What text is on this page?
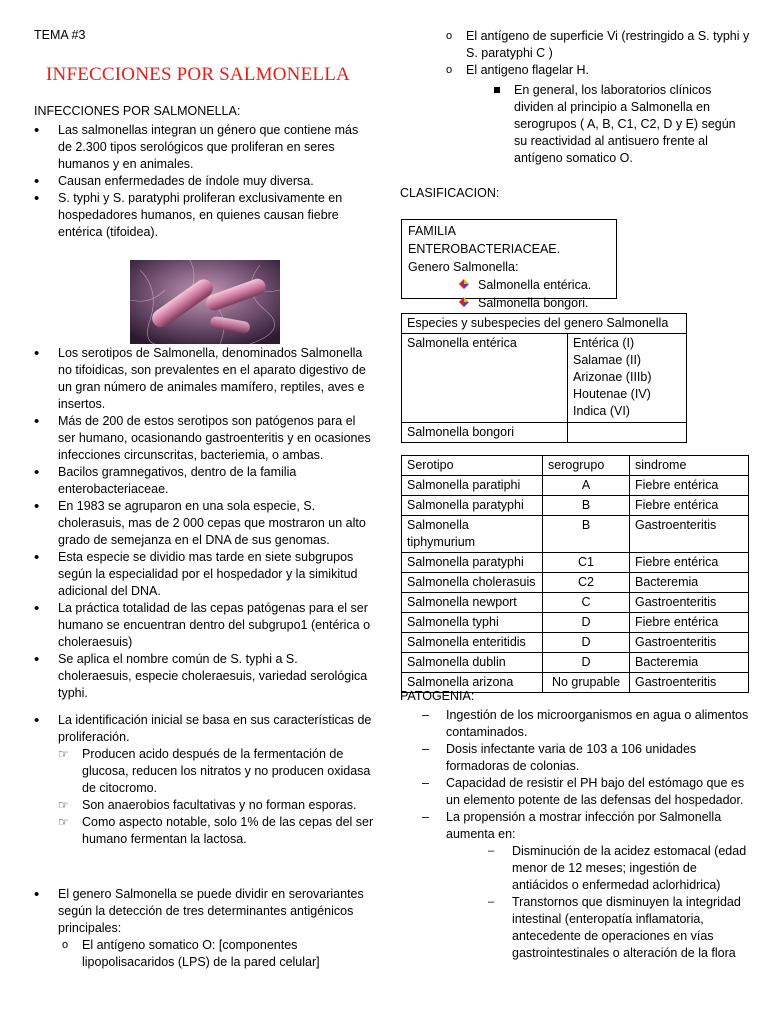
TEMA #3
INFECCIONES POR SALMONELLA
INFECCIONES POR SALMONELLA:
• Las salmonellas integran un género que contiene más de 2.300 tipos serológicos que proliferan en seres humanos y en animales.
• Causan enfermedades de índole muy diversa.
• S. typhi y S. paratyphi proliferan exclusivamente en hospedadores humanos, en quienes causan fiebre entérica (tifoidea).
• Los serotipos de Salmonella, denominados Salmonella no tifoidicas, son prevalentes en el aparato digestivo de un gran número de animales mamífero, reptiles, aves e insertos.
• Más de 200 de estos serotipos son patógenos para el ser humano, ocasionando gastroenteritis y en ocasiones infecciones circunscritas, bacteriemia, o ambas.
• Bacilos gramnegativos, dentro de la familia enterobacteriaceae.
• En 1983 se agruparon en una sola especie, S. cholerasuis, mas de 2 000 cepas que mostraron un alto grado de semejanza en el DNA de sus genomas.
• Esta especie se dividio mas tarde en siete subgrupos según la especialidad por el hospedador y la simikitud adicional del DNA.
• La práctica totalidad de las cepas patógenas para el ser humano se encuentran dentro del subgrupo1 (entérica o choleraesuis)
• Se aplica el nombre común de S. typhi a S. choleraesuis, especie choleraesuis, variedad serológica typhi.
• La identificación inicial se basa en sus características de proliferación.
☞ Producen acido después de la fermentación de glucosa, reducen los nitratos y no producen oxidasa de citocromo.
☞ Son anaerobios facultativas y no forman esporas.
☞ Como aspecto notable, solo 1% de las cepas del ser humano fermentan la lactosa.
• El genero Salmonella se puede dividir en serovariantes según la detección de tres determinantes antigénicos principales:
o El antígeno somatico O: [componentes lipopolisacaridos (LPS) de la pared celular]
o El antígeno de superficie Vi (restringido a S. typhi y S. paratyphi C )
o El antigeno flagelar H.
En general, los laboratorios clínicos dividen al principio a Salmonella en serogrupos ( A, B, C1, C2, D y E) según su reactividad al antisuero frente al antígeno somatico O.
CLASIFICACION:
FAMILIA ENTEROBACTERIACEAE.
Genero Salmonella:
Salmonella entérica.
Salmonella bongori.
Especies y subespecies del genero Salmonella	
Salmonella entérica	Entérica (I)
Salamae (II)
Arizonae (IIIb)
Houtenae (IV)
Indica (VI)

Salmonella bongori	
Serotipo	serogrupo	sindrome
Salmonella paratiphi	A	Fiebre entérica
Salmonella paratyphi	B	Fiebre entérica
Salmonella tiphymurium	B	Gastroenteritis
Salmonella paratyphi	C1	Fiebre entérica
Salmonella cholerasuis	C2	Bacteremia
Salmonella newport	C	Gastroenteritis
Salmonella typhi	D	Fiebre entérica
Salmonella enteritidis	D	Gastroenteritis
Salmonella dublin	D	Bacteremia
Salmonella arizona	No grupable	Gastroenteritis
PATOGENIA:
– Ingestión de los microorganismos en agua o alimentos contaminados.
– Dosis infectante varia de 103 a 106 unidades formadoras de colonias.
– Capacidad de resistir el PH bajo del estómago que es un elemento potente de las defensas del hospedador.
– La propensión a mostrar infección por Salmonella aumenta en:
– Disminución de la acidez estomacal (edad menor de 12 meses; ingestión de antiácidos o enfermedad aclorhidrica)
– Transtornos que disminuyen la integridad intestinal (enteropatía inflamatoria, antecedente de operaciones en vías gastrointestinales o alteración de la flora
